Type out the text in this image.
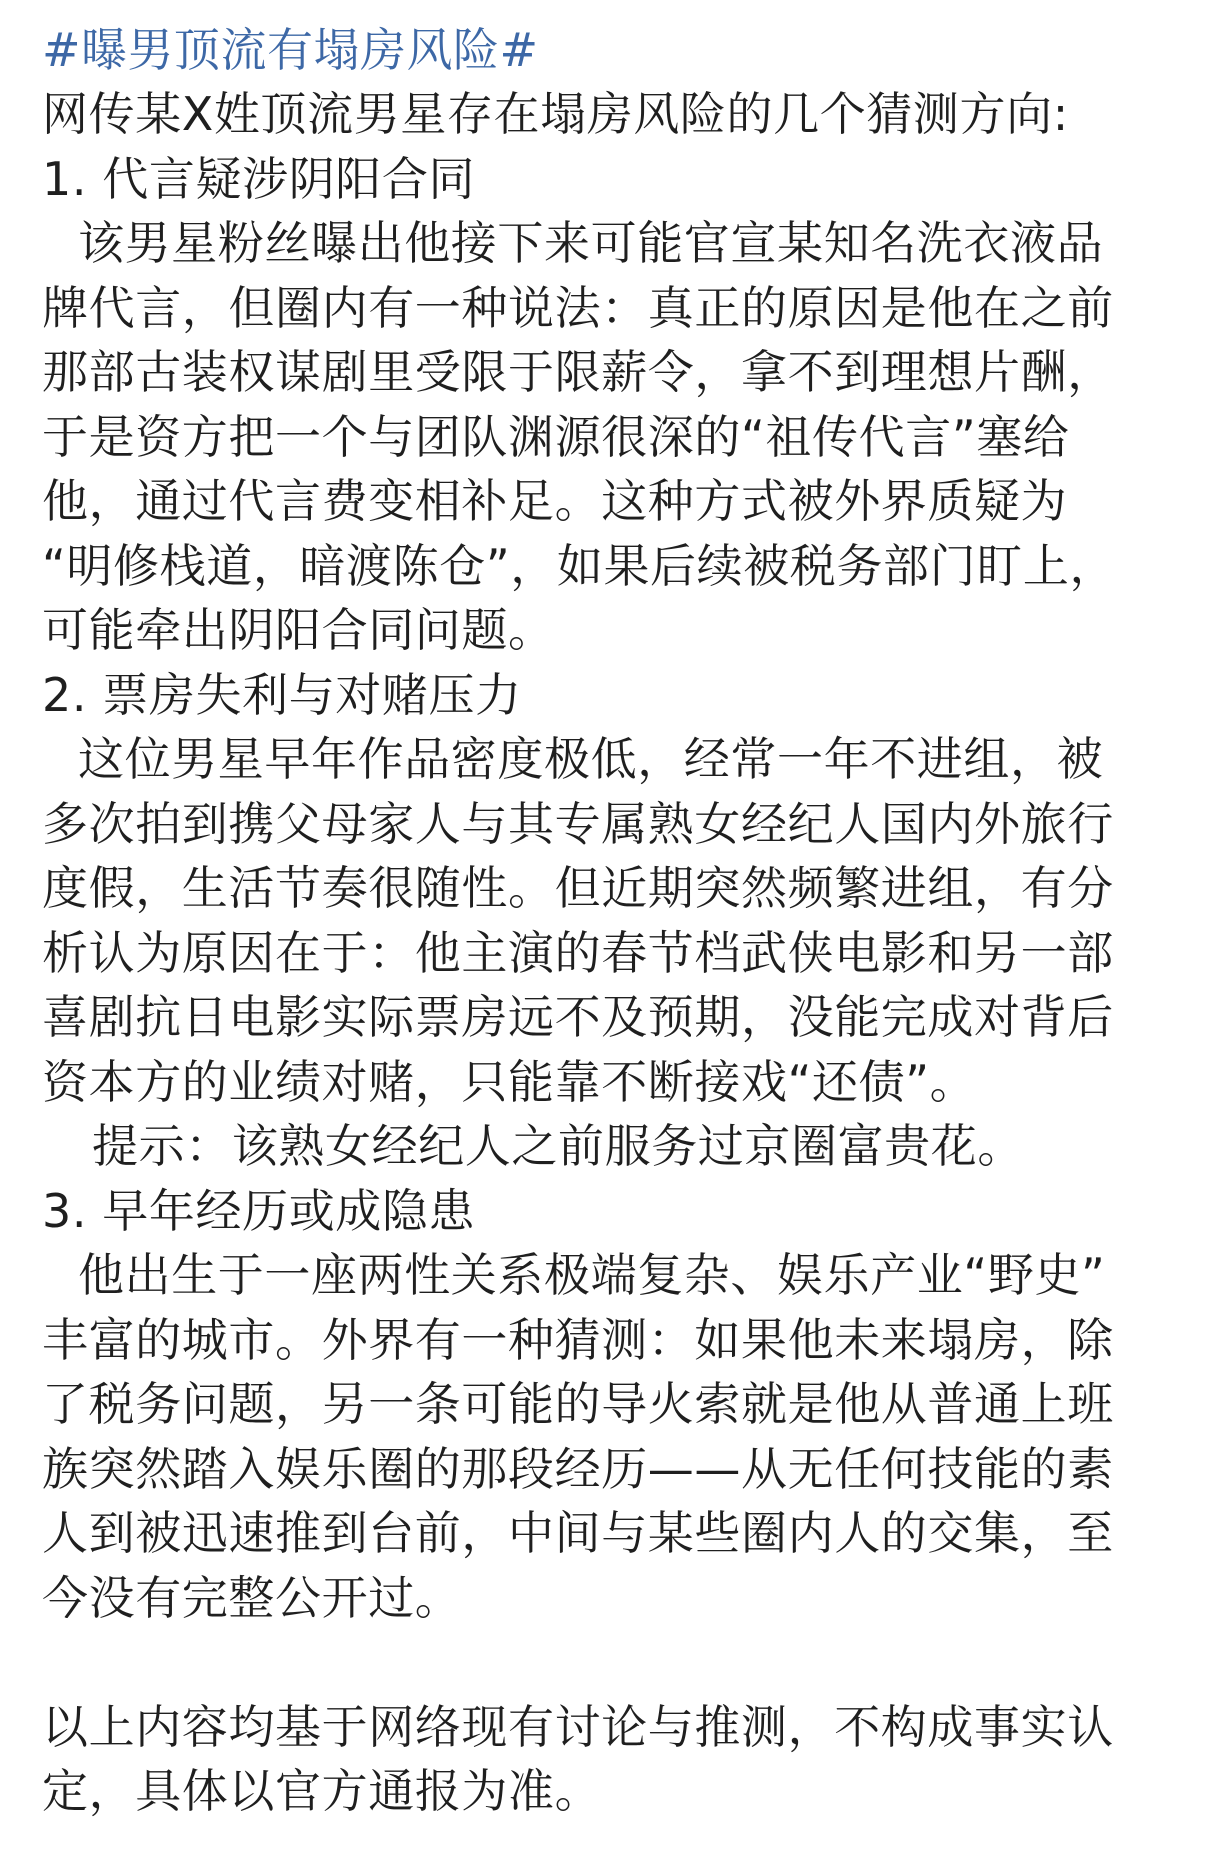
#曝男顶流有塌房风险#
网传某X姓顶流男星存在塌房风险的几个猜测方向:
1. 代言疑涉阴阳合同
该男星粉丝曝出他接下来可能官宣某知名洗衣液品
牌代言，但圈内有一种说法：真正的原因是他在之前
那部古装权谋剧里受限于限薪令，拿不到理想片酬，
于是资方把一个与团队渊源很深的“祖传代言”塞给
他，通过代言费变相补足。这种方式被外界质疑为
“明修栈道，暗渡陈仓”，如果后续被税务部门盯上，
可能牵出阴阳合同问题。
2. 票房失利与对赌压力
这位男星早年作品密度极低，经常一年不进组，被
多次拍到携父母家人与其专属熟女经纪人国内外旅行
度假，生活节奏很随性。但近期突然频繁进组，有分
析认为原因在于：他主演的春节档武侠电影和另一部
喜剧抗日电影实际票房远不及预期，没能完成对背后
资本方的业绩对赌，只能靠不断接戏“还债”。
提示：该熟女经纪人之前服务过京圈富贵花。
3. 早年经历或成隐患
他出生于一座两性关系极端复杂、娱乐产业“野史”
丰富的城市。外界有一种猜测：如果他未来塌房，除
了税务问题，另一条可能的导火索就是他从普通上班
族突然踏入娱乐圈的那段经历——从无任何技能的素
人到被迅速推到台前，中间与某些圈内人的交集，至
今没有完整公开过。
以上内容均基于网络现有讨论与推测，不构成事实认
定，具体以官方通报为准。
